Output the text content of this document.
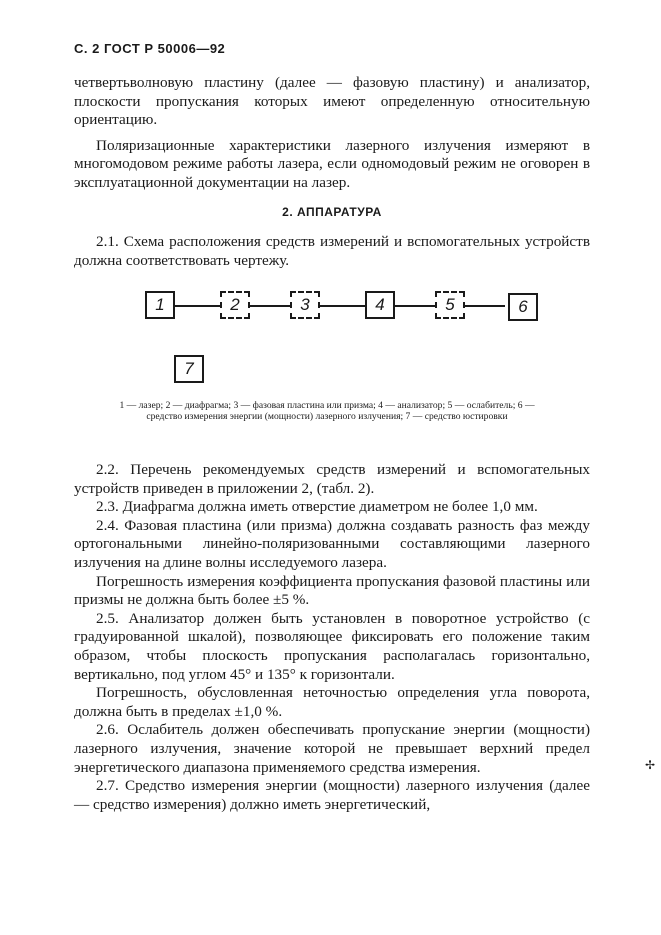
С. 2 ГОСТ Р 50006—92

четвертьволновую пластину (далее — фазовую пластину) и анализатор, плоскости пропускания которых имеют определенную относительную ориентацию.

Поляризационные характеристики лазерного излучения измеряют в многомодовом режиме работы лазера, если одномодовый режим не оговорен в эксплуатационной документации на лазер.

2. АППАРАТУРА

2.1. Схема расположения средств измерений и вспомогательных устройств должна соответствовать чертежу.

1	2	3	4	5	6
7
1 — лазер; 2 — диафрагма; 3 — фазовая пластина или призма; 4 — анализатор; 5 — ослабитель; 6 — средство измерения энергии (мощности) лазерного излучения; 7 — средство юстировки

2.2. Перечень рекомендуемых средств измерений и вспомогательных устройств приведен в приложении 2, (табл. 2).

2.3. Диафрагма должна иметь отверстие диаметром не более 1,0 мм.

2.4. Фазовая пластина (или призма) должна создавать разность фаз между ортогональными линейно-поляризованными составляющими лазерного излучения на длине волны исследуемого лазера.

Погрешность измерения коэффициента пропускания фазовой пластины или призмы не должна быть более ±5 %.

2.5. Анализатор должен быть установлен в поворотное устройство (с градуированной шкалой), позволяющее фиксировать его положение таким образом, чтобы плоскость пропускания располагалась горизонтально, вертикально, под углом 45° и 135° к горизонтали.

Погрешность, обусловленная неточностью определения угла поворота, должна быть в пределах ±1,0 %.

2.6. Ослабитель должен обеспечивать пропускание энергии (мощности) лазерного излучения, значение которой не превышает верхний предел энергетического диапазона применяемого средства измерения.

2.7. Средство измерения энергии (мощности) лазерного излучения (далее — средство измерения) должно иметь энергетический,

✢
